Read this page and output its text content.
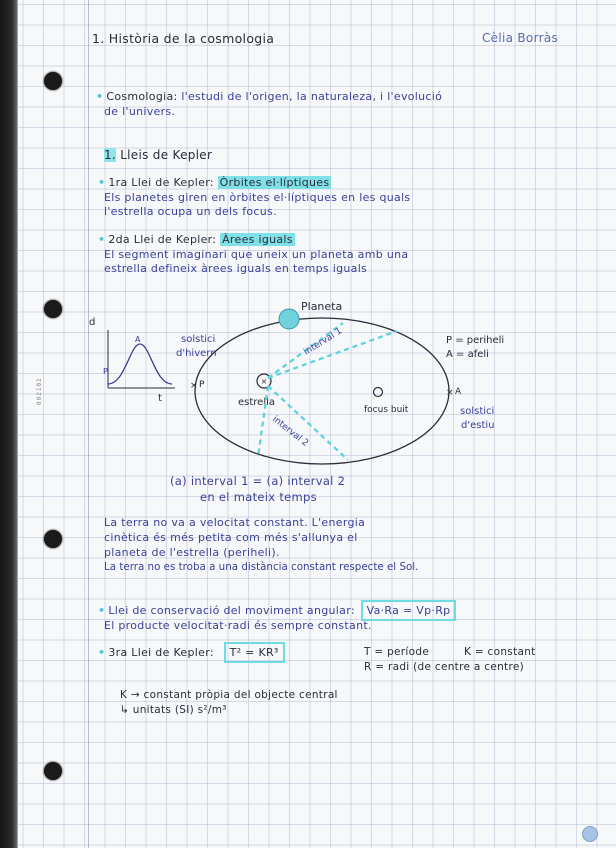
002102
1. Història de la cosmologia	Cèlia Borràs
• Cosmologia: l'estudi de l'origen, la naturaleza, i l'evolució
de l'univers.
1. Lleis de Kepler
• 1ra Llei de Kepler: Òrbites el·líptiques
Els planetes giren en òrbites el·líptiques en les quals
l'estrella ocupa un dels focus.
• 2da Llei de Kepler: Àrees iguals
El segment imaginari que uneix un planeta amb una
estrella defineix àrees iguals en temps iguals
d
t
A
P
Planeta
×
estrella
focus buit
interval 1
interval 2
× P
× A
solstici
d'hivern
solstici
d'estiu
P = periheli
A = afeli
(a) interval 1 = (a) interval 2
en el mateix temps
La terra no va a velocitat constant. L'energia
cinètica és més petita com més s'allunya el
planeta de l'estrella (periheli).
La terra no es troba a una distància constant respecte el Sol.
• Llei de conservació del moviment angular: Va·Ra = Vp·Rp
El producte velocitat·radi és sempre constant.
• 3ra Llei de Kepler: T² = KR³	T = període	K = constant
R = radi (de centre a centre)
K → constant pròpia del objecte central
↳ unitats (SI) s²/m³
